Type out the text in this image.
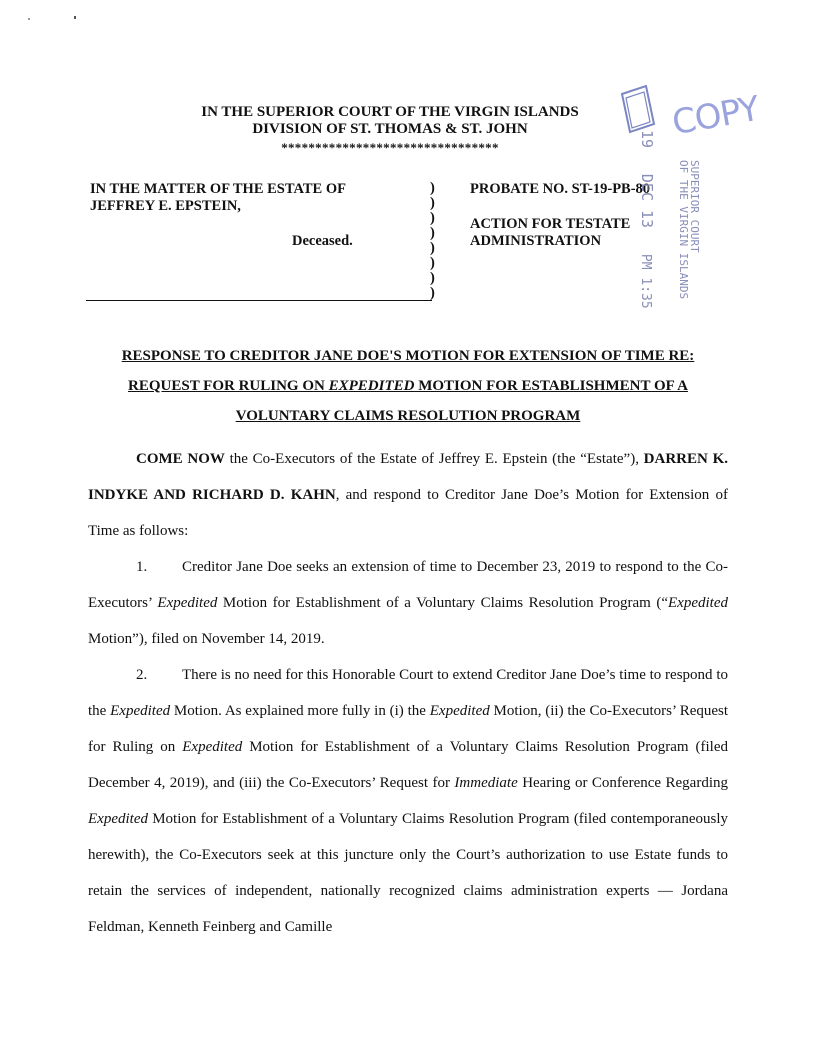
IN THE SUPERIOR COURT OF THE VIRGIN ISLANDS
DIVISION OF ST. THOMAS & ST. JOHN
********************************
IN THE MATTER OF THE ESTATE OF
JEFFREY E. EPSTEIN,
Deceased.
)
)
)
)
)
)
)
)
PROBATE NO. ST-19-PB-80
ACTION FOR TESTATE
ADMINISTRATION
COPY
19 DEC 13 PM 1:35
SUPERIOR COURT
OF THE VIRGIN ISLANDS
RESPONSE TO CREDITOR JANE DOE'S MOTION FOR EXTENSION OF TIME RE:
REQUEST FOR RULING ON EXPEDITED MOTION FOR ESTABLISHMENT OF A
VOLUNTARY CLAIMS RESOLUTION PROGRAM

COME NOW the Co-Executors of the Estate of Jeffrey E. Epstein (the “Estate”), DARREN K. INDYKE AND RICHARD D. KAHN, and respond to Creditor Jane Doe’s Motion for Extension of Time as follows:

1. Creditor Jane Doe seeks an extension of time to December 23, 2019 to respond to the Co-Executors’ Expedited Motion for Establishment of a Voluntary Claims Resolution Program (“Expedited Motion”), filed on November 14, 2019.

2. There is no need for this Honorable Court to extend Creditor Jane Doe’s time to respond to the Expedited Motion. As explained more fully in (i) the Expedited Motion, (ii) the Co-Executors’ Request for Ruling on Expedited Motion for Establishment of a Voluntary Claims Resolution Program (filed December 4, 2019), and (iii) the Co-Executors’ Request for Immediate Hearing or Conference Regarding Expedited Motion for Establishment of a Voluntary Claims Resolution Program (filed contemporaneously herewith), the Co-Executors seek at this juncture only the Court’s authorization to use Estate funds to retain the services of independent, nationally recognized claims administration experts — Jordana Feldman, Kenneth Feinberg and Camille
